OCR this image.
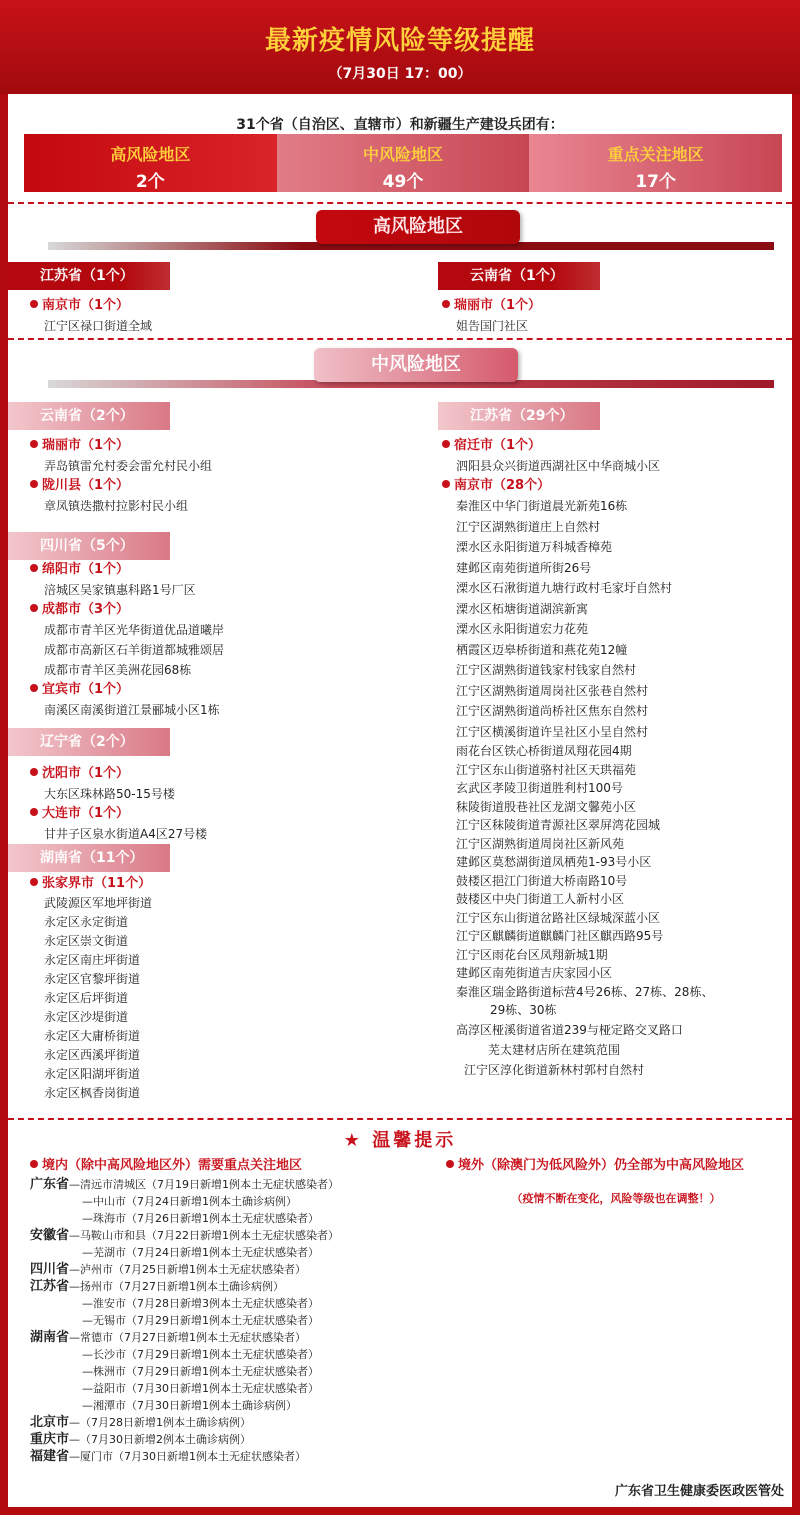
最新疫情风险等级提醒
（7月30日 17：00）
31个省（自治区、直辖市）和新疆生产建设兵团有：
高风险地区
2个
中风险地区
49个
重点关注地区
17个
高风险地区
江苏省（1个）
南京市（1个）
江宁区禄口街道全域
云南省（1个）
瑞丽市（1个）
姐告国门社区
中风险地区
云南省（2个）
瑞丽市（1个）
弄岛镇雷允村委会雷允村民小组
陇川县（1个）
章凤镇迭撒村拉影村民小组
四川省（5个）
绵阳市（1个）
涪城区吴家镇惠科路1号厂区
成都市（3个）
成都市青羊区光华街道优品道曦岸
成都市高新区石羊街道都城雅颂居
成都市青羊区美洲花园68栋
宜宾市（1个）
南溪区南溪街道江景郦城小区1栋
辽宁省（2个）
沈阳市（1个）
大东区珠林路50-15号楼
大连市（1个）
甘井子区泉水街道A4区27号楼
湖南省（11个）
张家界市（11个）
武陵源区军地坪街道
永定区永定街道
永定区崇文街道
永定区南庄坪街道
永定区官黎坪街道
永定区后坪街道
永定区沙堤街道
永定区大庸桥街道
永定区西溪坪街道
永定区阳湖坪街道
永定区枫香岗街道
江苏省（29个）
宿迁市（1个）
泗阳县众兴街道西湖社区中华商城小区
南京市（28个）
秦淮区中华门街道晨光新苑16栋
江宁区湖熟街道庄上自然村
溧水区永阳街道万科城香樟苑
建邺区南苑街道所街26号
溧水区石湫街道九塘行政村毛家圩自然村
溧水区柘塘街道湖滨新寓
溧水区永阳街道宏力花苑
栖霞区迈皋桥街道和燕花苑12幢
江宁区湖熟街道钱家村钱家自然村
江宁区湖熟街道周岗社区张巷自然村
江宁区湖熟街道尚桥社区焦东自然村
江宁区横溪街道许呈社区小呈自然村
雨花台区铁心桥街道凤翔花园4期
江宁区东山街道骆村社区天珙福苑
玄武区孝陵卫街道胜利村100号
秣陵街道殷巷社区龙湖文馨苑小区
江宁区秣陵街道青源社区翠屏湾花园城
江宁区湖熟街道周岗社区新风苑
建邺区莫愁湖街道凤栖苑1-93号小区
鼓楼区挹江门街道大桥南路10号
鼓楼区中央门街道工人新村小区
江宁区东山街道岔路社区绿城深蓝小区
江宁区麒麟街道麒麟门社区麒西路95号
江宁区雨花台区凤翔新城1期
建邺区南苑街道吉庆家园小区
秦淮区瑞金路街道标营4号26栋、27栋、28栋、
29栋、30栋
高淳区桠溪街道省道239与桠定路交叉路口
芜太建材店所在建筑范围
江宁区淳化街道新林村郭村自然村
★ 温馨提示
境内（除中高风险地区外）需要重点关注地区
广东省—清远市清城区（7月19日新增1例本土无症状感染者）
—中山市（7月24日新增1例本土确诊病例）
—珠海市（7月26日新增1例本土无症状感染者）
安徽省—马鞍山市和县（7月22日新增1例本土无症状感染者）
—芜湖市（7月24日新增1例本土无症状感染者）
四川省—泸州市（7月25日新增1例本土无症状感染者）
江苏省—扬州市（7月27日新增1例本土确诊病例）
—淮安市（7月28日新增3例本土无症状感染者）
—无锡市（7月29日新增1例本土无症状感染者）
湖南省—常德市（7月27日新增1例本土无症状感染者）
—长沙市（7月29日新增1例本土无症状感染者）
—株洲市（7月29日新增1例本土无症状感染者）
—益阳市（7月30日新增1例本土无症状感染者）
—湘潭市（7月30日新增1例本土确诊病例）
北京市—（7月28日新增1例本土确诊病例）
重庆市—（7月30日新增2例本土确诊病例）
福建省—厦门市（7月30日新增1例本土无症状感染者）
境外（除澳门为低风险外）仍全部为中高风险地区
（疫情不断在变化，风险等级也在调整！）
广东省卫生健康委医政医管处
